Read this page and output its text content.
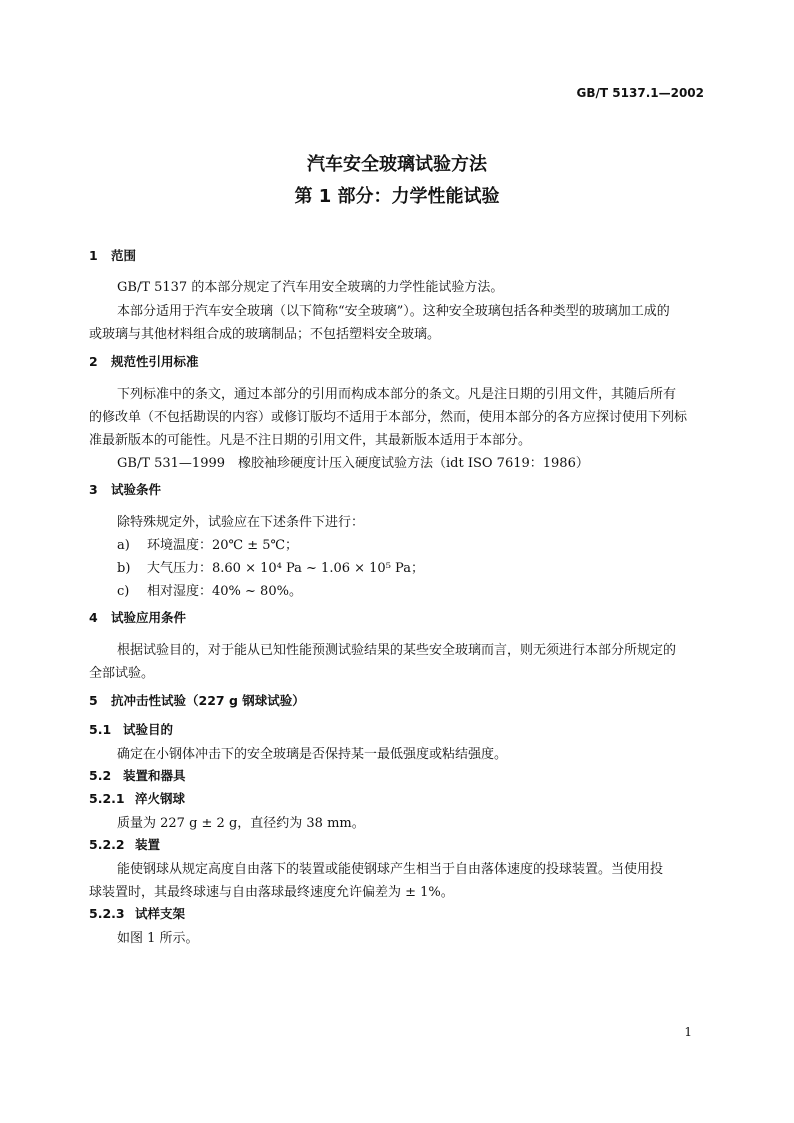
GB/T 5137.1—2002
汽车安全玻璃试验方法
第 1 部分：力学性能试验
1 范围
GB/T 5137 的本部分规定了汽车用安全玻璃的力学性能试验方法。
本部分适用于汽车安全玻璃（以下简称“安全玻璃”）。这种安全玻璃包括各种类型的玻璃加工成的
或玻璃与其他材料组合成的玻璃制品；不包括塑料安全玻璃。
2 规范性引用标准
下列标准中的条文，通过本部分的引用而构成本部分的条文。凡是注日期的引用文件，其随后所有
的修改单（不包括勘误的内容）或修订版均不适用于本部分，然而，使用本部分的各方应探讨使用下列标
准最新版本的可能性。凡是不注日期的引用文件，其最新版本适用于本部分。
GB/T 531—1999　橡胶袖珍硬度计压入硬度试验方法（idt ISO 7619：1986）
3 试验条件
除特殊规定外，试验应在下述条件下进行：
a) 环境温度：20℃ ± 5℃；
b) 大气压力：8.60 × 10⁴ Pa ~ 1.06 × 10⁵ Pa；
c) 相对湿度：40% ~ 80%。
4 试验应用条件
根据试验目的，对于能从已知性能预测试验结果的某些安全玻璃而言，则无须进行本部分所规定的
全部试验。
5 抗冲击性试验（227 g 钢球试验）
5.1 试验目的
确定在小钢体冲击下的安全玻璃是否保持某一最低强度或粘结强度。
5.2 装置和器具
5.2.1 淬火钢球
质量为 227 g ± 2 g，直径约为 38 mm。
5.2.2 装置
能使钢球从规定高度自由落下的装置或能使钢球产生相当于自由落体速度的投球装置。当使用投
球装置时，其最终球速与自由落球最终速度允许偏差为 ± 1%。
5.2.3 试样支架
如图 1 所示。
1
